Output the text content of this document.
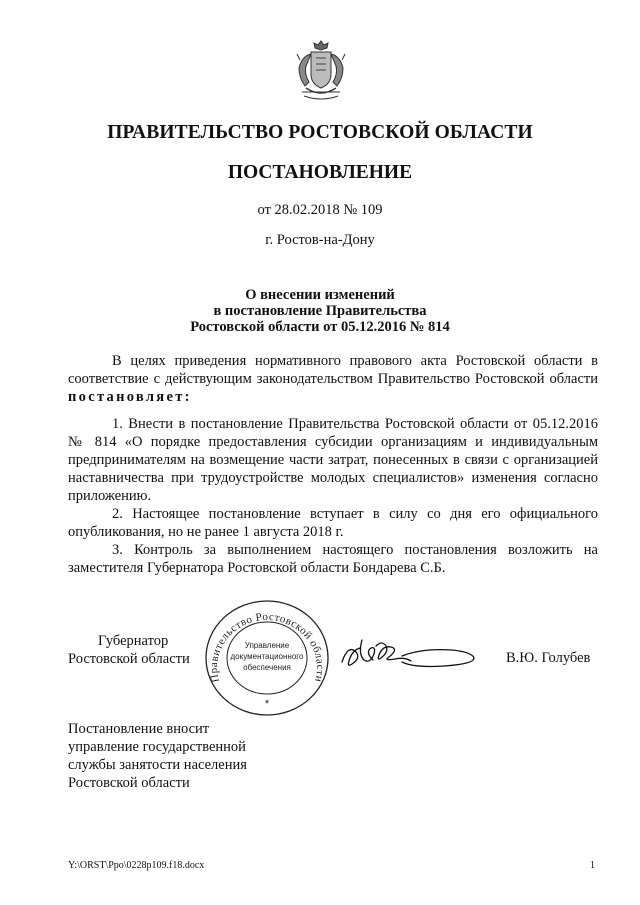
ПРАВИТЕЛЬСТВО РОСТОВСКОЙ ОБЛАСТИ
ПОСТАНОВЛЕНИЕ
от 28.02.2018 № 109
г. Ростов-на-Дону
О внесении изменений
в постановление Правительства
Ростовской области от 05.12.2016 № 814

В целях приведения нормативного правового акта Ростовской области в соответствие с действующим законодательством Правительство Ростовской области постановляет:

1. Внести в постановление Правительства Ростовской области от 05.12.2016 № 814 «О порядке предоставления субсидии организациям и индивидуальным предпринимателям на возмещение части затрат, понесенных в связи с организацией наставничества при трудоустройстве молодых специалистов» изменения согласно приложению.

2. Настоящее постановление вступает в силу со дня его официального опубликования, но не ранее 1 августа 2018 г.

3. Контроль за выполнением настоящего постановления возложить на заместителя Губернатора Ростовской области Бондарева С.Б.

Губернатор
Ростовской области
Правительство Ростовской области
Управление
документационного
обеспечения
*
В.Ю. Голубев
Постановление вносит
управление государственной
службы занятости населения
Ростовской области
Y:\ORST\Ppo\0228p109.f18.docx	1
